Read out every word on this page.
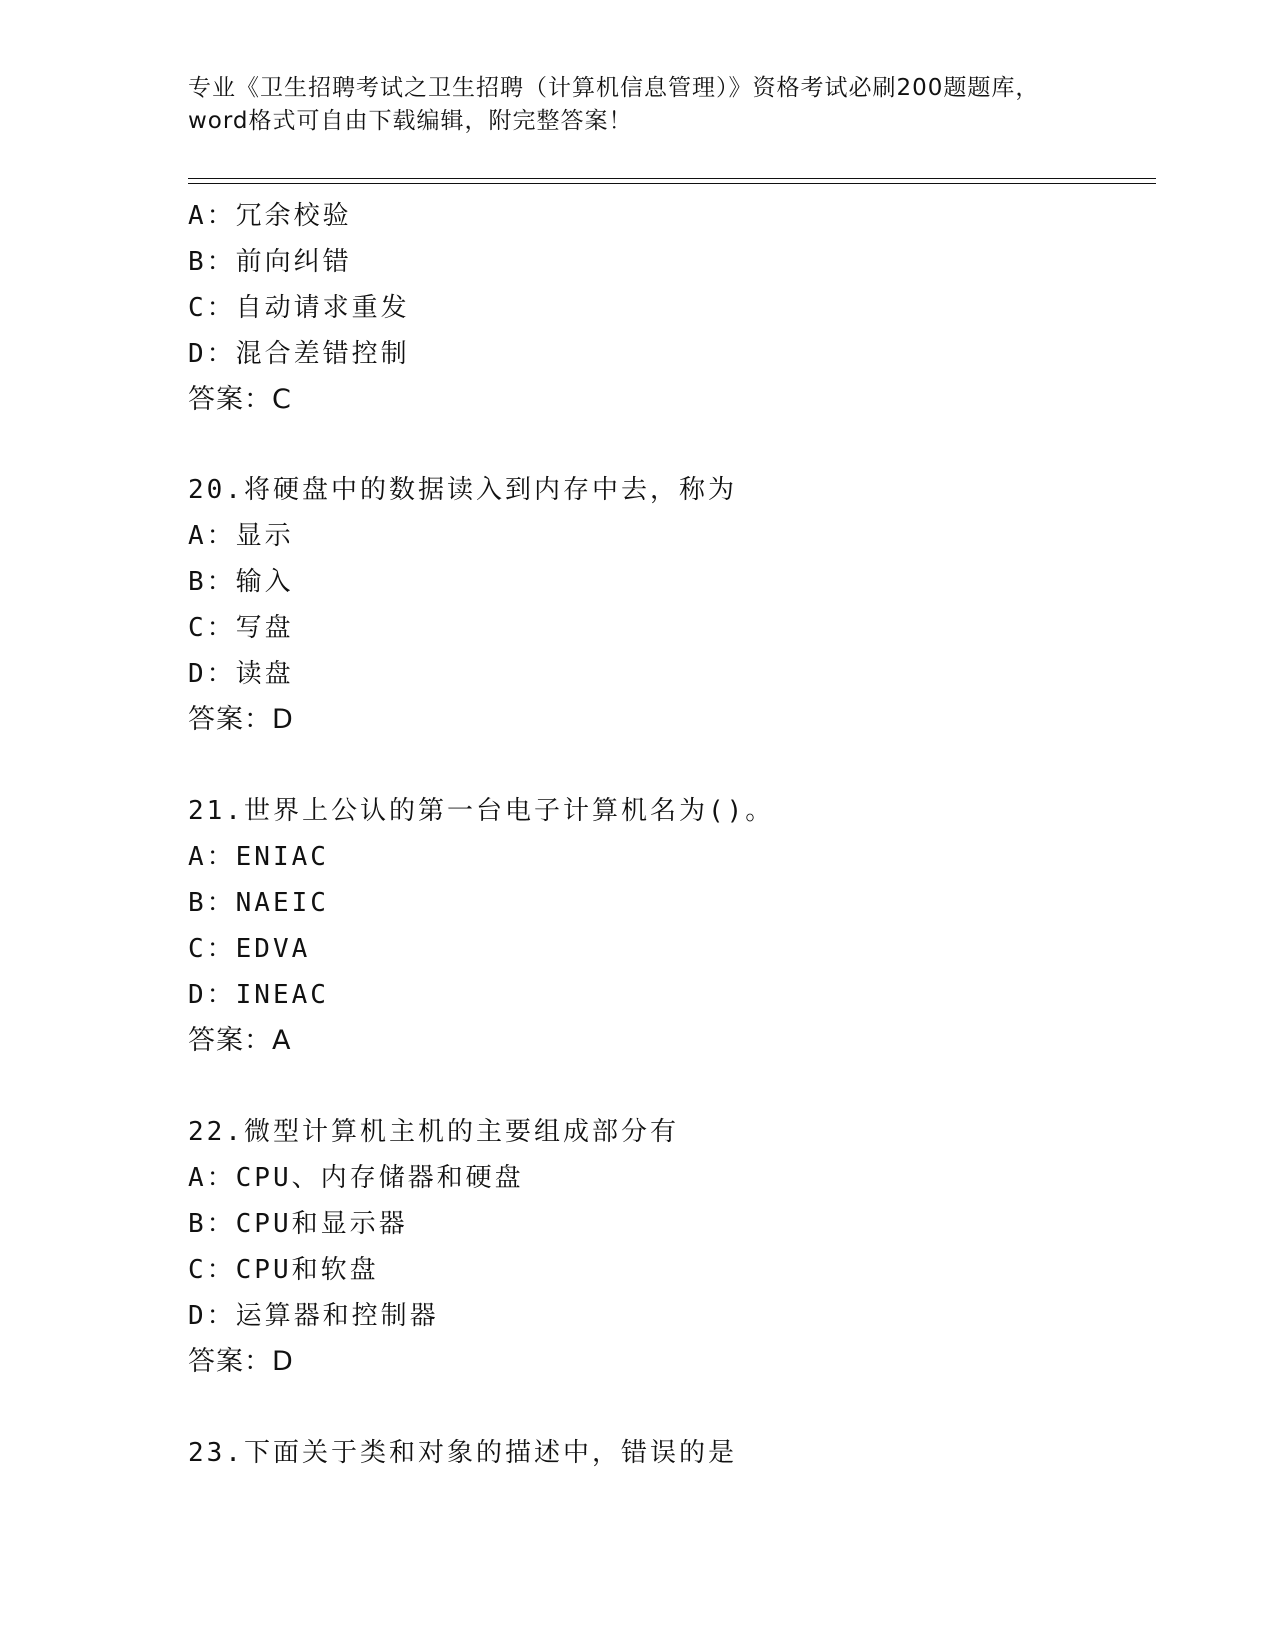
专业《卫生招聘考试之卫生招聘（计算机信息管理）》资格考试必刷200题题库，
word格式可自由下载编辑，附完整答案！
A：冗余校验
B：前向纠错
C：自动请求重发
D：混合差错控制
答案：C
20.将硬盘中的数据读入到内存中去，称为
A：显示
B：输入
C：写盘
D：读盘
答案：D
21.世界上公认的第一台电子计算机名为()。
A：ENIAC
B：NAEIC
C：EDVA
D：INEAC
答案：A
22.微型计算机主机的主要组成部分有
A：CPU、内存储器和硬盘
B：CPU和显示器
C：CPU和软盘
D：运算器和控制器
答案：D
23.下面关于类和对象的描述中，错误的是
